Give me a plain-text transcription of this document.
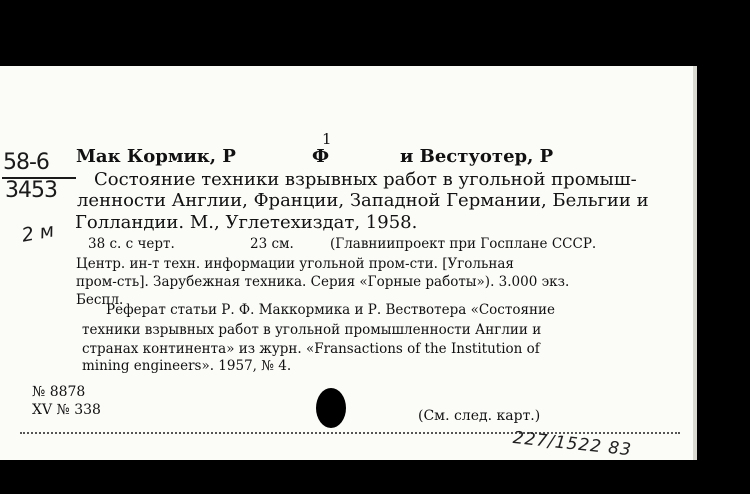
1
58-6
3453
2 м
Мак Кормик, Р	Ф	и Вестуотер, Р
Состояние техники взрывных работ в угольной промыш-
ленности Англии, Франции, Западной Германии, Бельгии и
Голландии. М., Углетехиздат, 1958.
38 с. с черт.	23 см.	(Главниипроект при Госплане СССР.
Центр. ин-т техн. информации угольной пром-сти. [Угольная
пром-сть]. Зарубежная техника. Серия «Горные работы»). 3.000 экз.
Беспл.
Реферат статьи Р. Ф. Маккормика и Р. Вествотера «Состояние
техники взрывных работ в угольной промышленности Англии и
странах континента» из журн. «Fransactions of the Institution of
mining engineers». 1957, № 4.
№ 8878
XV № 338	(См. след. карт.)
227/1522 83
